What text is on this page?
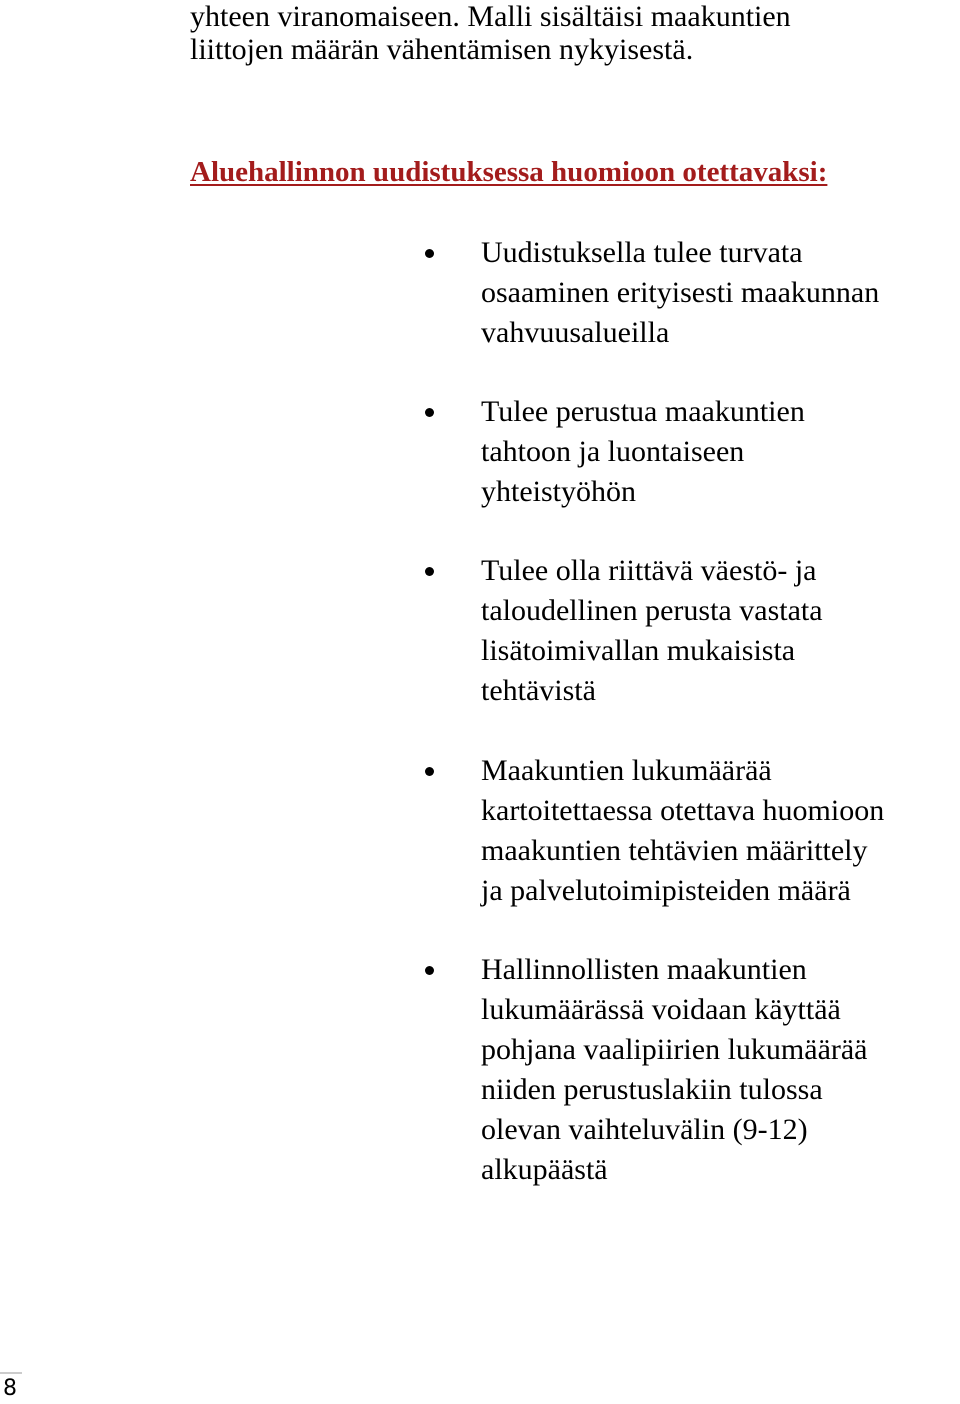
yhteen viranomaiseen. Malli sisältäisi maakuntien
liittojen määrän vähentämisen nykyisestä.

Aluehallinnon uudistuksessa huomioon otettavaksi:
Uudistuksella tulee turvata
osaaminen erityisesti maakunnan
vahvuusalueilla
Tulee perustua maakuntien
tahtoon ja luontaiseen
yhteistyöhön
Tulee olla riittävä väestö- ja
taloudellinen perusta vastata
lisätoimivallan mukaisista
tehtävistä
Maakuntien lukumäärää
kartoitettaessa otettava huomioon
maakuntien tehtävien määrittely
ja palvelutoimipisteiden määrä
Hallinnollisten maakuntien
lukumäärässä voidaan käyttää
pohjana vaalipiirien lukumäärää
niiden perustuslakiin tulossa
olevan vaihteluvälin (9-12)
alkupäästä
8
